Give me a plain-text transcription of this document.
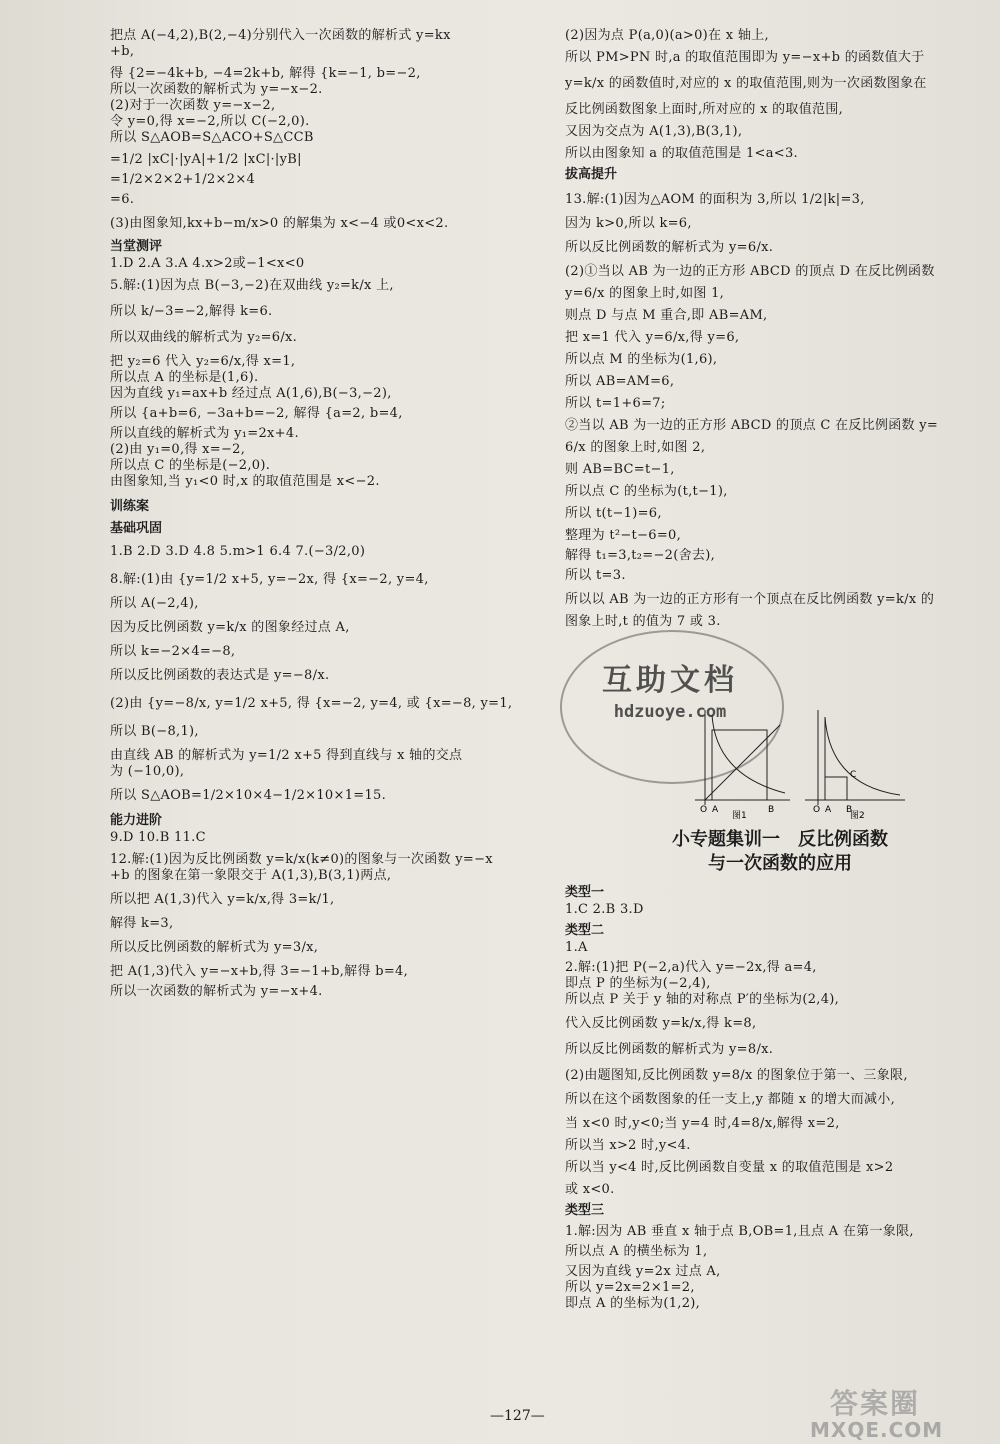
把点 A(−4,2),B(2,−4)分别代入一次函数的解析式 y=kx
+b,
得 {2=−4k+b, −4=2k+b, 解得 {k=−1, b=−2,
所以一次函数的解析式为 y=−x−2.
(2)对于一次函数 y=−x−2,
令 y=0,得 x=−2,所以 C(−2,0).
所以 S△AOB=S△ACO+S△CCB
=1/2 |xC|·|yA|+1/2 |xC|·|yB|
=1/2×2×2+1/2×2×4
=6.
(3)由图象知,kx+b−m/x>0 的解集为 x<−4 或0<x<2.
当堂测评
1.D 2.A 3.A 4.x>2或−1<x<0
5.解:(1)因为点 B(−3,−2)在双曲线 y₂=k/x 上,
所以 k/−3=−2,解得 k=6.
所以双曲线的解析式为 y₂=6/x.
把 y₂=6 代入 y₂=6/x,得 x=1,
所以点 A 的坐标是(1,6).
因为直线 y₁=ax+b 经过点 A(1,6),B(−3,−2),
所以 {a+b=6, −3a+b=−2, 解得 {a=2, b=4,
所以直线的解析式为 y₁=2x+4.
(2)由 y₁=0,得 x=−2,
所以点 C 的坐标是(−2,0).
由图象知,当 y₁<0 时,x 的取值范围是 x<−2.
训练案
基础巩固
1.B 2.D 3.D 4.8 5.m>1 6.4 7.(−3/2,0)
8.解:(1)由 {y=1/2 x+5, y=−2x, 得 {x=−2, y=4,
所以 A(−2,4),
因为反比例函数 y=k/x 的图象经过点 A,
所以 k=−2×4=−8,
所以反比例函数的表达式是 y=−8/x.
(2)由 {y=−8/x, y=1/2 x+5, 得 {x=−2, y=4, 或 {x=−8, y=1,
所以 B(−8,1),
由直线 AB 的解析式为 y=1/2 x+5 得到直线与 x 轴的交点
为 (−10,0),
所以 S△AOB=1/2×10×4−1/2×10×1=15.
能力进阶
9.D 10.B 11.C
12.解:(1)因为反比例函数 y=k/x(k≠0)的图象与一次函数 y=−x
+b 的图象在第一象限交于 A(1,3),B(3,1)两点,
所以把 A(1,3)代入 y=k/x,得 3=k/1,
解得 k=3,
所以反比例函数的解析式为 y=3/x,
把 A(1,3)代入 y=−x+b,得 3=−1+b,解得 b=4,
所以一次函数的解析式为 y=−x+4.
(2)因为点 P(a,0)(a>0)在 x 轴上,
所以 PM>PN 时,a 的取值范围即为 y=−x+b 的函数值大于
y=k/x 的函数值时,对应的 x 的取值范围,则为一次函数图象在
反比例函数图象上面时,所对应的 x 的取值范围,
又因为交点为 A(1,3),B(3,1),
所以由图象知 a 的取值范围是 1<a<3.
拔高提升
13.解:(1)因为△AOM 的面积为 3,所以 1/2|k|=3,
因为 k>0,所以 k=6,
所以反比例函数的解析式为 y=6/x.
(2)①当以 AB 为一边的正方形 ABCD 的顶点 D 在反比例函数
y=6/x 的图象上时,如图 1,
则点 D 与点 M 重合,即 AB=AM,
把 x=1 代入 y=6/x,得 y=6,
所以点 M 的坐标为(1,6),
所以 AB=AM=6,
所以 t=1+6=7;
②当以 AB 为一边的正方形 ABCD 的顶点 C 在反比例函数 y=
6/x 的图象上时,如图 2,
则 AB=BC=t−1,
所以点 C 的坐标为(t,t−1),
所以 t(t−1)=6,
整理为 t²−t−6=0,
解得 t₁=3,t₂=−2(舍去),
所以 t=3.
所以以 AB 为一边的正方形有一个顶点在反比例函数 y=k/x 的
图象上时,t 的值为 7 或 3.
类型一
1.C 2.B 3.D
类型二
1.A
2.解:(1)把 P(−2,a)代入 y=−2x,得 a=4,
即点 P 的坐标为(−2,4),
所以点 P 关于 y 轴的对称点 P′的坐标为(2,4),
代入反比例函数 y=k/x,得 k=8,
所以反比例函数的解析式为 y=8/x.
(2)由题图知,反比例函数 y=8/x 的图象位于第一、三象限,
所以在这个函数图象的任一支上,y 都随 x 的增大而减小,
当 x<0 时,y<0;当 y=4 时,4=8/x,解得 x=2,
所以当 x>2 时,y<4.
所以当 y<4 时,反比例函数自变量 x 的取值范围是 x>2
或 x<0.
类型三
1.解:因为 AB 垂直 x 轴于点 B,OB=1,且点 A 在第一象限,
所以点 A 的横坐标为 1,
又因为直线 y=2x 过点 A,
所以 y=2x=2×1=2,
即点 A 的坐标为(1,2),
互助文档
hdzuoye.com
O A	B
图1
O A B
C
图2
小专题集训一　反比例函数
与一次函数的应用
—127—	答案圈
MXQE.COM
